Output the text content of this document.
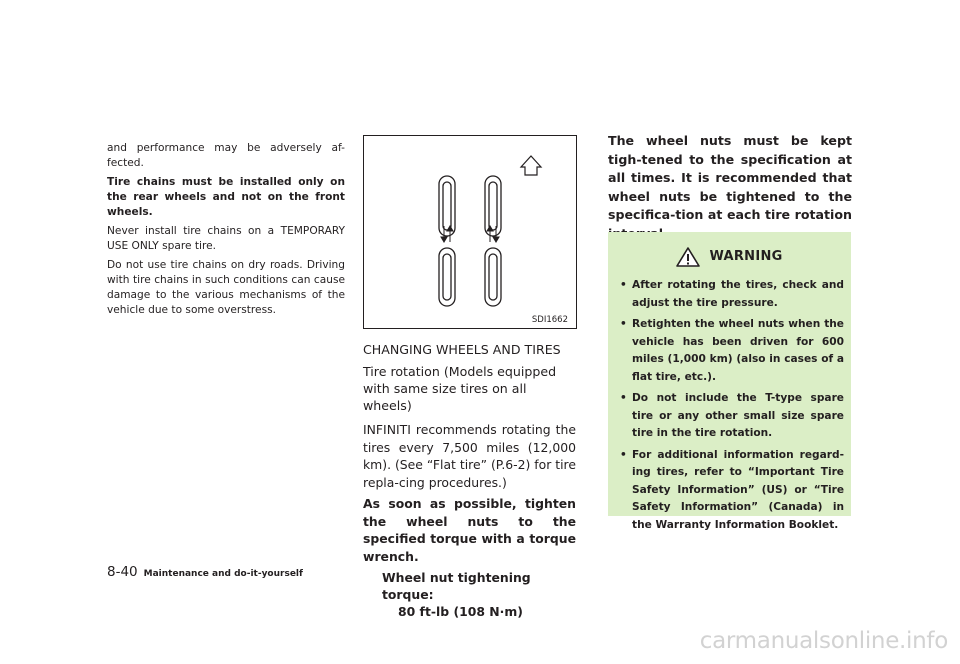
and performance may be adversely af-fected.

Tire chains must be installed only on the rear wheels and not on the front wheels.

Never install tire chains on a TEMPORARY USE ONLY spare tire.

Do not use tire chains on dry roads. Driving with tire chains in such conditions can cause damage to the various mechanisms of the vehicle due to some overstress.

SDI1662
CHANGING WHEELS AND TIRES
Tire rotation (Models equipped with same size tires on all wheels)

INFINITI recommends rotating the tires every 7,500 miles (12,000 km). (See “Flat tire” (P.6-2) for tire repla-cing procedures.)

As soon as possible, tighten the wheel nuts to the specified torque with a torque wrench.

Wheel nut tightening torque:
80 ft-lb (108 N·m)

The wheel nuts must be kept tigh-tened to the specification at all times. It is recommended that wheel nuts be tightened to the specifica-tion at each tire rotation

WARNING
• After rotating the tires, check and adjust the tire pressure.
• Retighten the wheel nuts when the vehicle has been driven for 600 miles (1,000 km) (also in cases of a flat tire, etc.).
• Do not include the T-type spare tire or any other small size spare tire in the tire rotation.
• For additional information regard-ing tires, refer to “Important Tire Safety Information” (US) or “Tire Safety Information” (Canada) in the Warranty Information Booklet.
8-40 Maintenance and do-it-yourself
carmanualsonline.info
